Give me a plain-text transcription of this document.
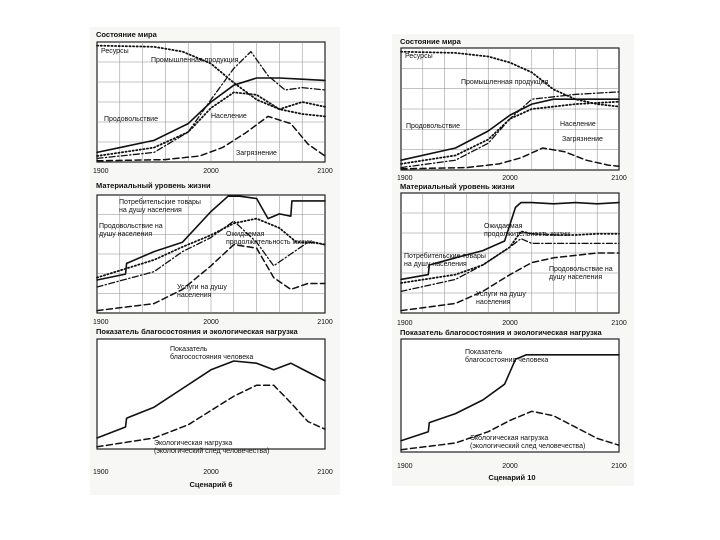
Состояние мира
Ресурсы
Промышленная продукция
Население
Продовольствие
Загрязнение
1900	2000	2100
Материальный уровень жизни
Потребительские товары на душу населения
Продовольствие на душу населения	Ожидаемая продолжительность жизни
Услуги на душу населения
1900	2000	2100
Показатель благосостояния и экологическая нагрузка
Показатель благосостояния человека
Экологическая нагрузка (экологический след человечества)
1900	2000	2100
Сценарий 6
Состояние мира
Ресурсы
Промышленная продукция
Население
Продовольствие
Загрязнение
1900	2000	2100
Материальный уровень жизни
Ожидаемая продолжительность жизни
Потребительские товары на душу населения
Продовольствие на душу населения
Услуги на душу населения
1900	2000	2100
Показатель благосостояния и экологическая нагрузка
Показатель благосостояния человека
Экологическая нагрузка (экологический след человечества)
1900	2000	2100
Сценарий 10
